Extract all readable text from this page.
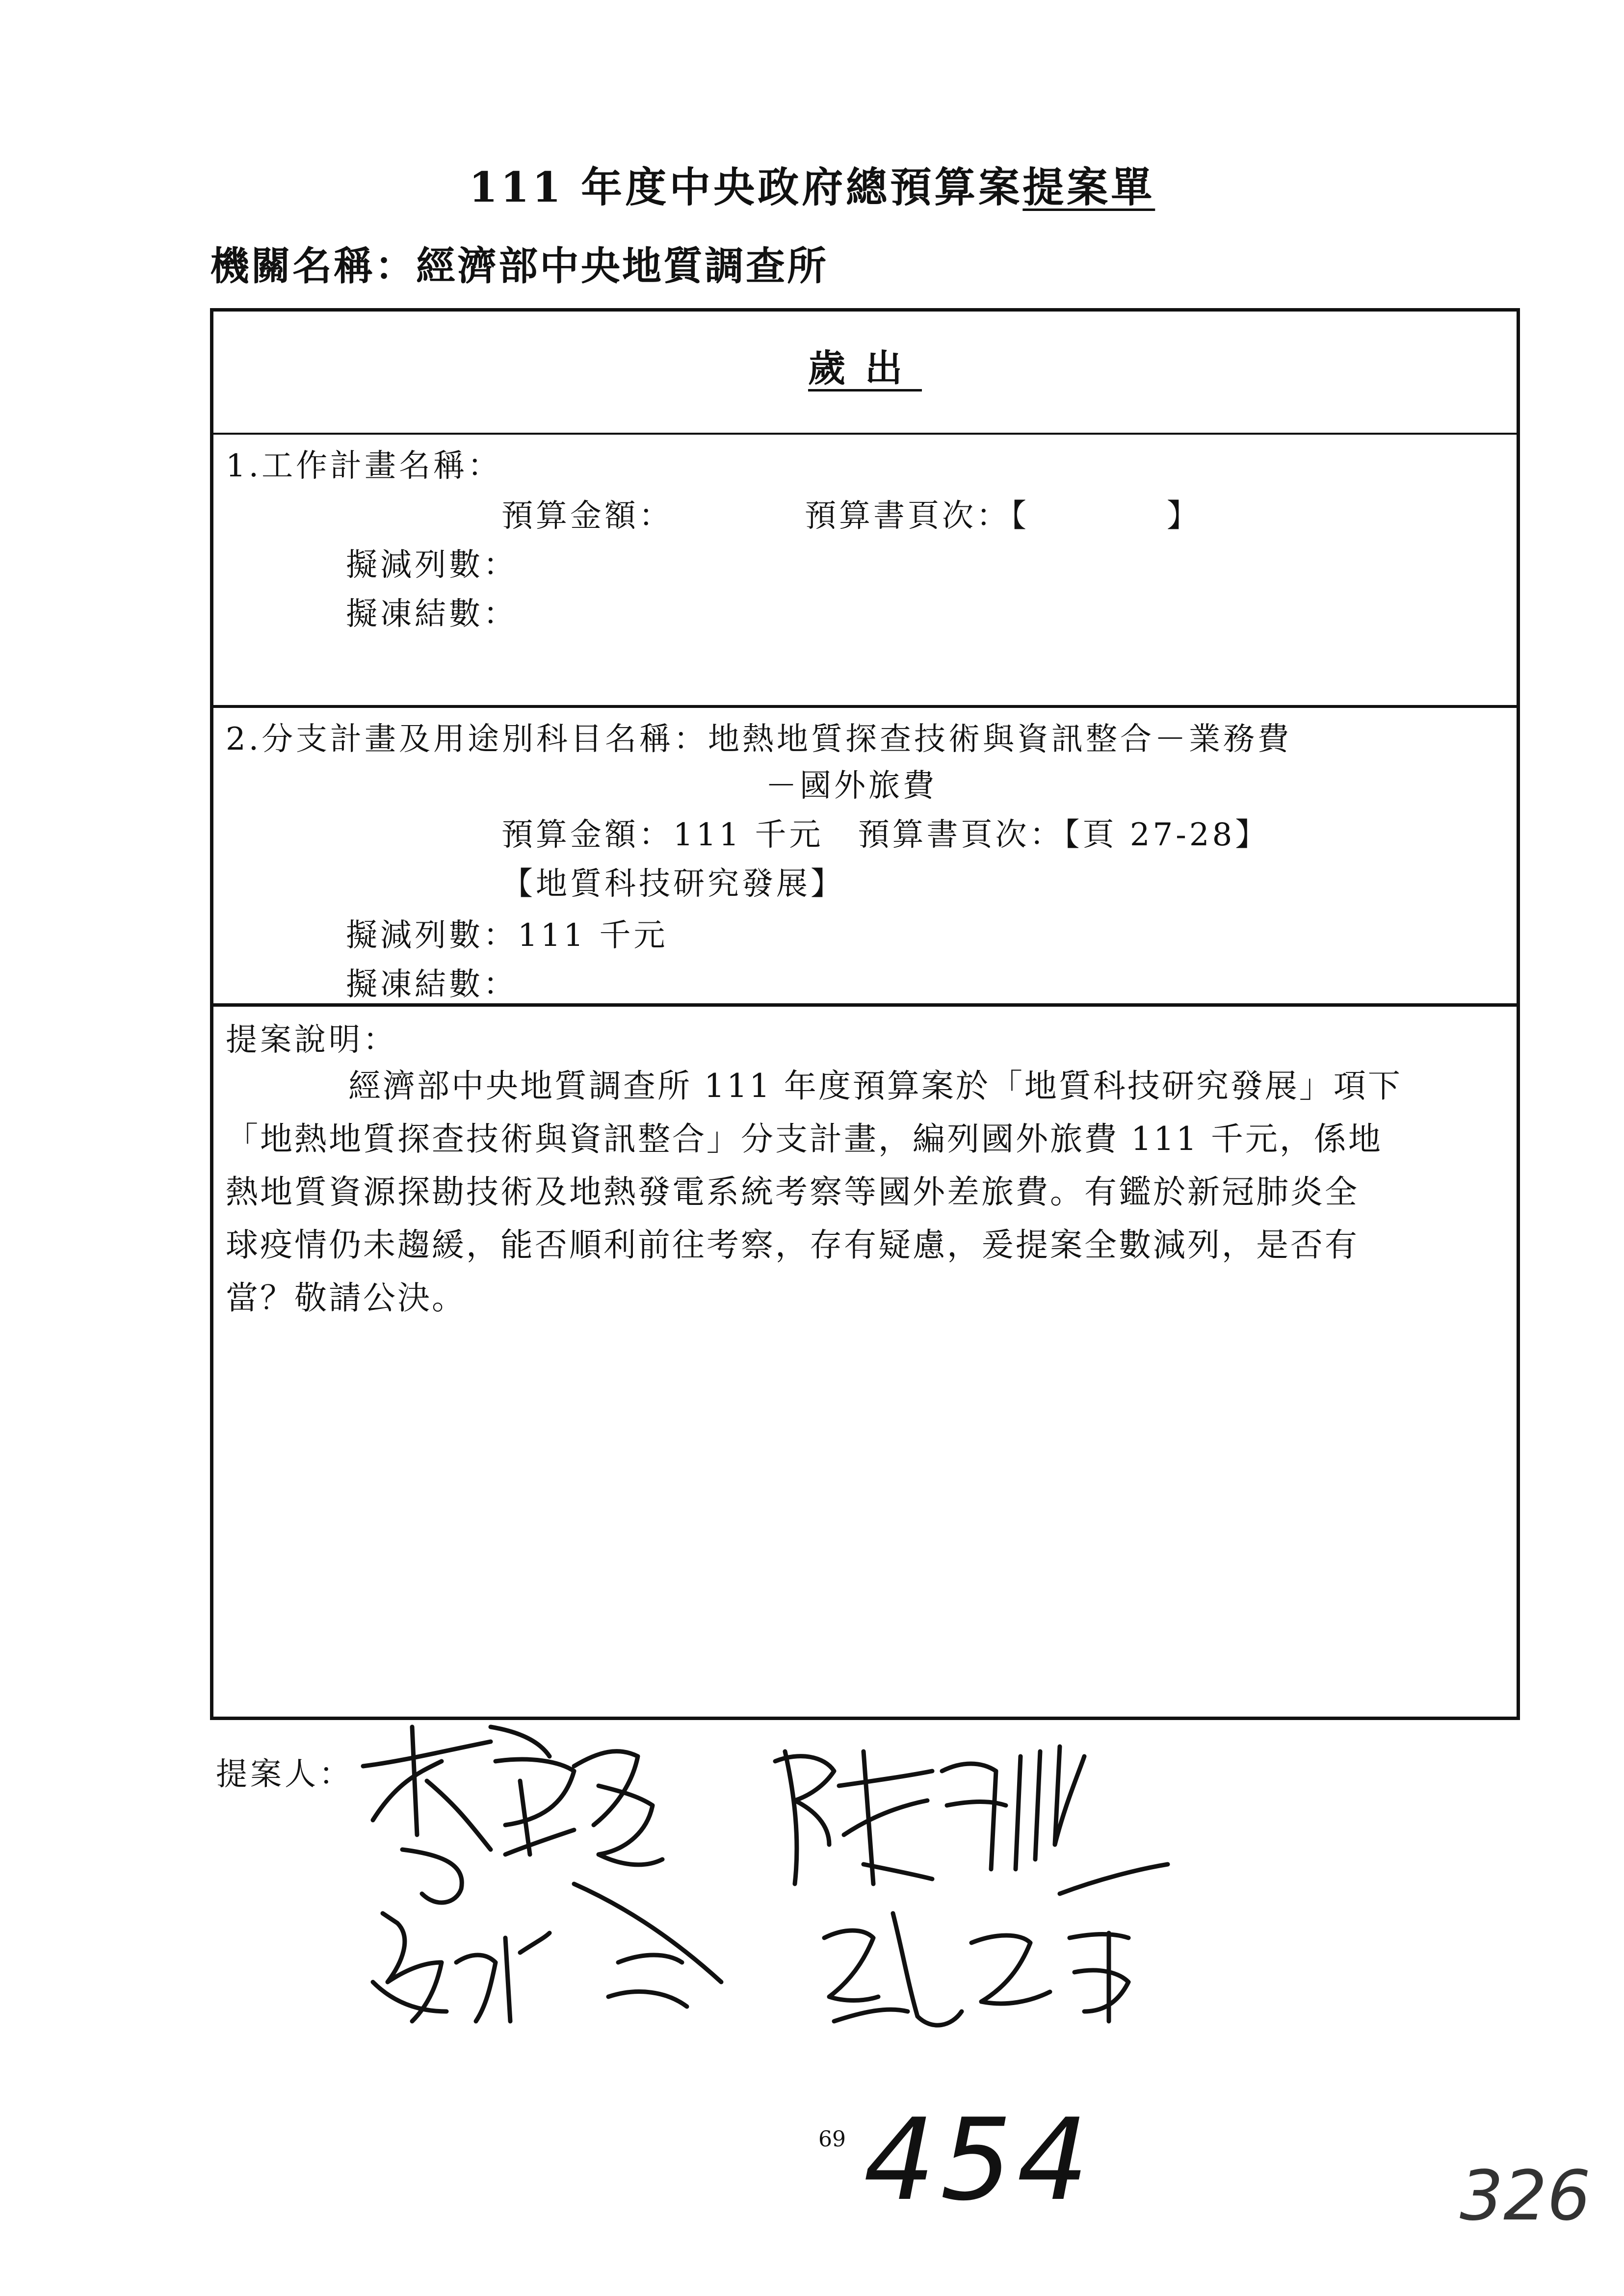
111 年度中央政府總預算案提案單
機關名稱：經濟部中央地質調查所
歲出
1.工作計畫名稱：
預算金額：	預算書頁次：【　　　　】
擬減列數：
擬凍結數：
2.分支計畫及用途別科目名稱：地熱地質探查技術與資訊整合－業務費
－國外旅費
預算金額：111 千元　預算書頁次：【頁 27-28】
【地質科技研究發展】
擬減列數：111 千元
擬凍結數：
提案說明：
經濟部中央地質調查所 111 年度預算案於「地質科技研究發展」項下
「地熱地質探查技術與資訊整合」分支計畫，編列國外旅費 111 千元，係地
熱地質資源探勘技術及地熱發電系統考察等國外差旅費。有鑑於新冠肺炎全
球疫情仍未趨緩，能否順利前往考察，存有疑慮，爰提案全數減列，是否有
當？敬請公決。
提案人：
69 454	326
